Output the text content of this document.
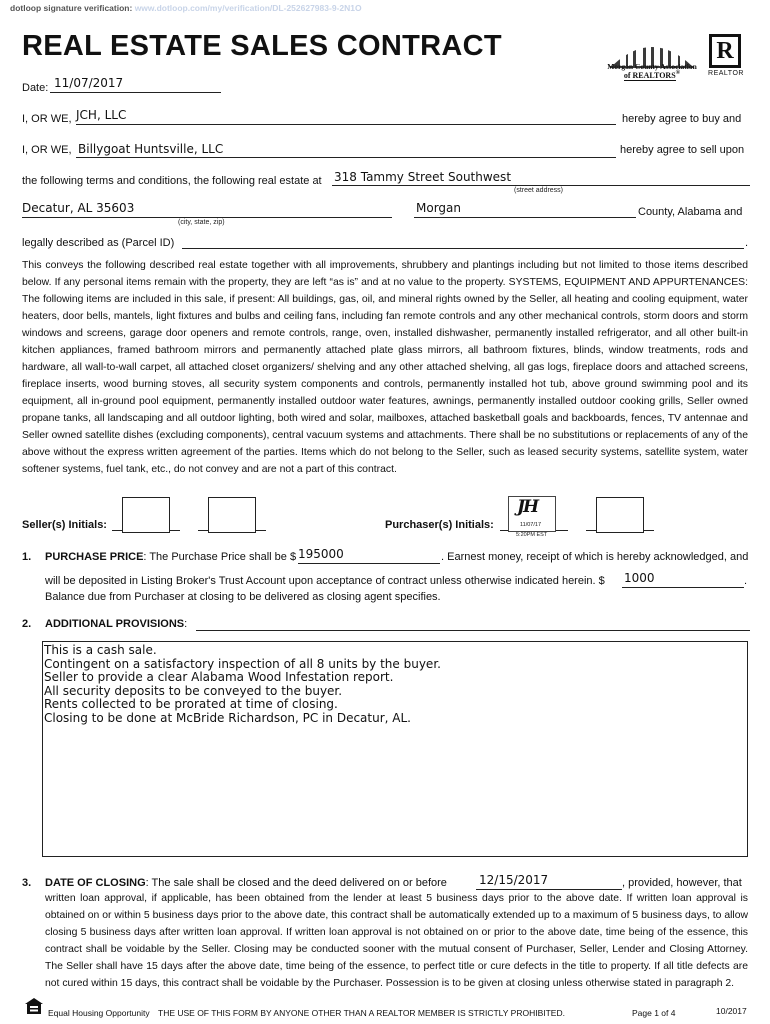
dotloop signature verification: www.dotloop.com/my/verification/DL-252627983-9-2N1O
REAL ESTATE SALES CONTRACT
Morgan County Association
of REALTORS®
R
REALTOR
Date: 11/07/2017
I, OR WE, JCH, LLC	hereby agree to buy and
I, OR WE, Billygoat Huntsville, LLC	hereby agree to sell upon
the following terms and conditions, the following real estate at 318 Tammy Street Southwest
(street address)
Decatur, AL 35603
(city, state, zip)
Morgan	County, Alabama and
legally described as (Parcel ID)	.
This conveys the following described real estate together with all improvements, shrubbery and plantings including but not limited to those items described below. If any personal items remain with the property, they are left “as is” and at no value to the property. SYSTEMS, EQUIPMENT AND APPURTENANCES: The following items are included in this sale, if present: All buildings, gas, oil, and mineral rights owned by the Seller, all heating and cooling equipment, water heaters, door bells, mantels, light fixtures and bulbs and ceiling fans, including fan remote controls and any other mechanical controls, storm doors and storm windows and screens, garage door openers and remote controls, range, oven, installed dishwasher, permanently installed refrigerator, and all other built-in kitchen appliances, framed bathroom mirrors and permanently attached plate glass mirrors, all bathroom fixtures, blinds, window treatments, rods and hardware, all wall-to-wall carpet, all attached closet organizers/ shelving and any other attached shelving, all gas logs, fireplace doors and attached screens, fireplace inserts, wood burning stoves, all security system components and controls, permanently installed hot tub, above ground swimming pool and its equipment, all in-ground pool equipment, permanently installed outdoor water features, awnings, permanently installed outdoor cooking grills, Seller owned propane tanks, all landscaping and all outdoor lighting, both wired and solar, mailboxes, attached basketball goals and backboards, fences, TV antennae and Seller owned satellite dishes (excluding components), central vacuum systems and attachments. There shall be no substitutions or replacements of any of the above without the express written agreement of the parties. Items which do not belong to the Seller, such as leased security systems, satellite system, water softener systems, fuel tank, etc., do not convey and are not a part of this contract.
Seller(s) Initials:	Purchaser(s) Initials:
JH
11/07/17
5:20PM EST
1. PURCHASE PRICE: The Purchase Price shall be $ 195000	. Earnest money, receipt of which is hereby acknowledged, and
will be deposited in Listing Broker's Trust Account upon acceptance of contract unless otherwise indicated herein. $ 1000	.
Balance due from Purchaser at closing to be delivered as closing agent specifies.
2. ADDITIONAL PROVISIONS:
This is a cash sale.
Contingent on a satisfactory inspection of all 8 units by the buyer.
Seller to provide a clear Alabama Wood Infestation report.
All security deposits to be conveyed to the buyer.
Rents collected to be prorated at time of closing.
Closing to be done at McBride Richardson, PC in Decatur, AL.
3. DATE OF CLOSING: The sale shall be closed and the deed delivered on or before	12/15/2017	, provided, however, that
written loan approval, if applicable, has been obtained from the lender at least 5 business days prior to the above date. If written loan approval is obtained on or within 5 business days prior to the above date, this contract shall be automatically extended up to a maximum of 5 business days, to allow closing 5 business days after written loan approval. If written loan approval is not obtained on or prior to the above date, time being of the essence, this contract shall be voidable by the Seller. Closing may be conducted sooner with the mutual consent of Purchaser, Seller, Lender and Closing Attorney. The Seller shall have 15 days after the above date, time being of the essence, to perfect title or cure defects in the title to property. If all title defects are not cured within 15 days, this contract shall be voidable by the Purchaser. Possession is to be given at closing unless otherwise stated in paragraph 2.
Equal Housing Opportunity THE USE OF THIS FORM BY ANYONE OTHER THAN A REALTOR MEMBER IS STRICTLY PROHIBITED.	Page 1 of 4	10/2017
